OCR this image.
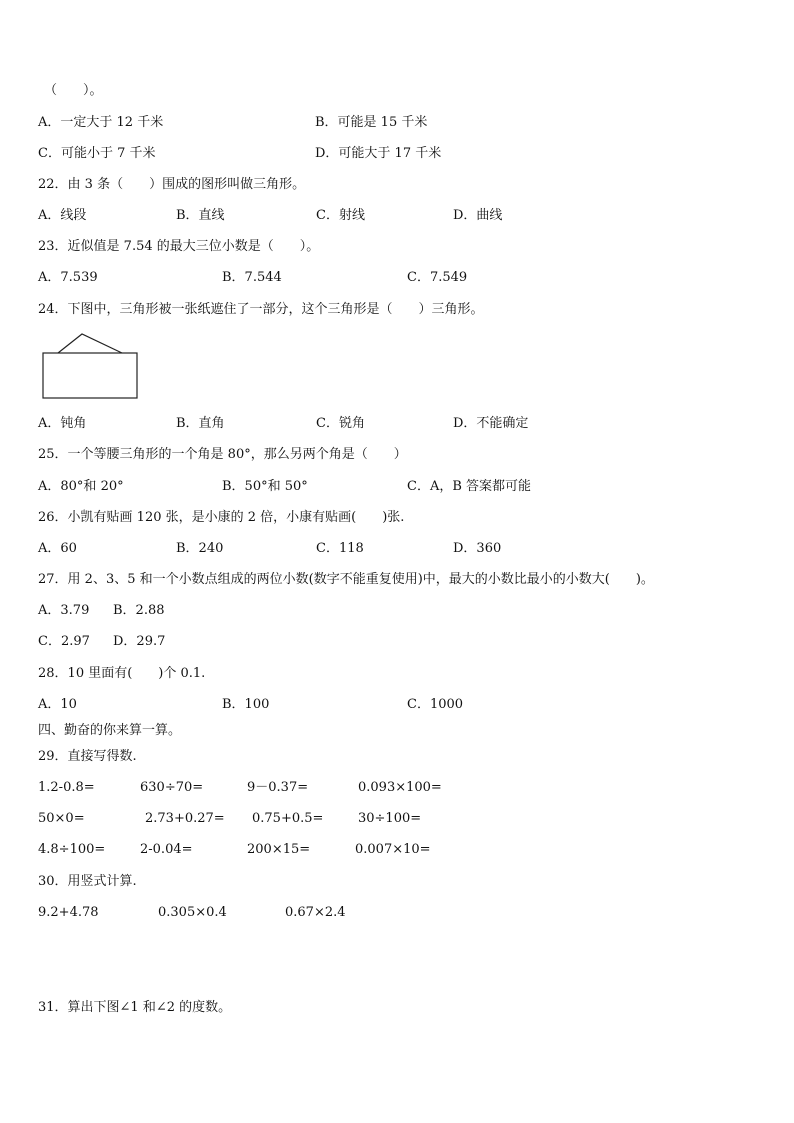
（　　）。
A．一定大于 12 千米	B．可能是 15 千米
C．可能小于 7 千米	D．可能大于 17 千米
22．由 3 条（　　）围成的图形叫做三角形。
A．线段	B．直线	C．射线	D．曲线
23．近似值是 7.54 的最大三位小数是（　　）。
A．7.539	B．7.544	C．7.549
24．下图中，三角形被一张纸遮住了一部分，这个三角形是（　　）三角形。
A．钝角	B．直角	C．锐角	D．不能确定
25．一个等腰三角形的一个角是 80°，那么另两个角是（　　）
A．80°和 20°	B．50°和 50°	C．A，B 答案都可能
26．小凯有贴画 120 张，是小康的 2 倍，小康有贴画(　　)张.
A．60	B．240	C．118	D．360
27．用 2、3、5 和一个小数点组成的两位小数(数字不能重复使用)中，最大的小数比最小的小数大(　　)。
A．3.79 B．2.88
C．2.97 D．29.7
28．10 里面有(　　)个 0.1.
A．10	B．100	C．1000
四、勤奋的你来算一算。
29．直接写得数.
1.2-0.8=	630÷70=	9－0.37=	0.093×100=
50×0=	2.73+0.27= 0.75+0.5=	30÷100=
4.8÷100=	2-0.04=	200×15=	0.007×10=
30．用竖式计算.
9.2+4.78	0.305×0.4	0.67×2.4
31．算出下图∠1 和∠2 的度数。
